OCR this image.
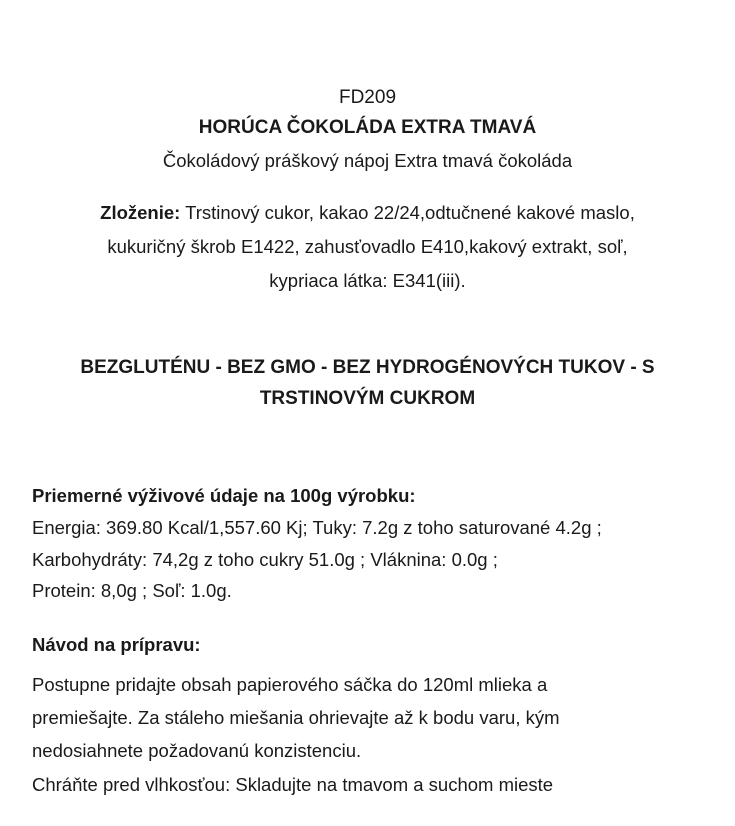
FD209
HORÚCA ČOKOLÁDA EXTRA TMAVÁ
Čokoládový práškový nápoj Extra tmavá čokoláda
Zloženie: Trstinový cukor, kakao 22/24,odtučnené kakové maslo,
kukuričný škrob E1422, zahusťovadlo E410,kakový extrakt, soľ,
kypriaca látka: E341(iii).
BEZGLUTÉNU - BEZ GMO - BEZ HYDROGÉNOVÝCH TUKOV - S
TRSTINOVÝM CUKROM
Priemerné výživové údaje na 100g výrobku:
Energia: 369.80 Kcal/1,557.60 Kj; Tuky: 7.2g z toho saturované 4.2g ;
Karbohydráty: 74,2g z toho cukry 51.0g ; Vláknina: 0.0g ;
Protein: 8,0g ; Soľ: 1.0g.
Návod na prípravu:
Postupne pridajte obsah papierového sáčka do 120ml mlieka a
premiešajte. Za stáleho miešania ohrievajte až k bodu varu, kým
nedosiahnete požadovanú konzistenciu.
Chráňte pred vlhkosťou: Skladujte na tmavom a suchom mieste
